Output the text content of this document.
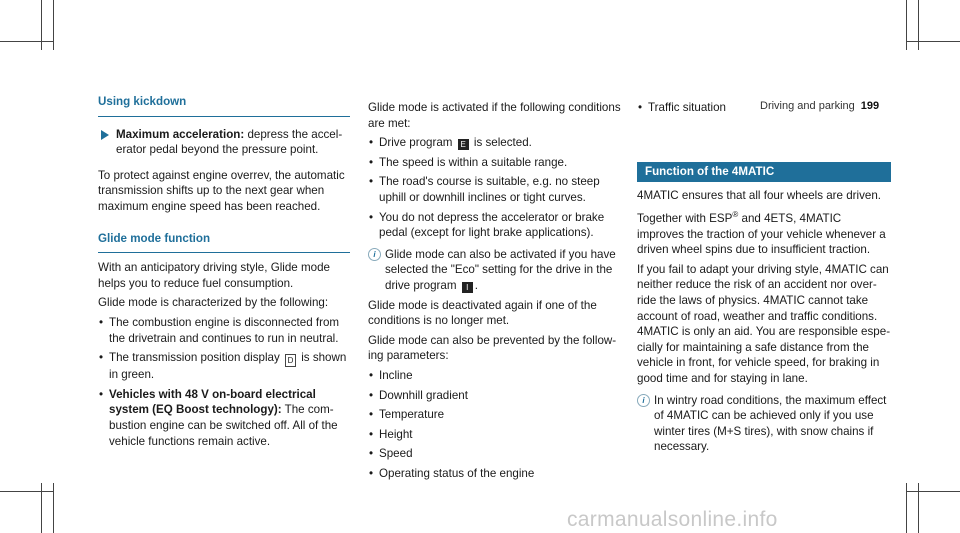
Driving and parking 199
Using kickdown
Maximum acceleration: depress the accelerator pedal beyond the pressure point.

To protect against engine overrev, the automatic transmission shifts up to the next gear when maximum engine speed has been reached.

Glide mode function

With an anticipatory driving style, Glide mode helps you to reduce fuel consumption.

Glide mode is characterized by the following:

• The combustion engine is disconnected from the drivetrain and continues to run in neutral.
• The transmission position display D is shown in green.
• Vehicles with 48 V on-board electrical system (EQ Boost technology): The combustion engine can be switched off. All of the vehicle functions remain active.

Glide mode is activated if the following conditions are met:

• Drive program E is selected.
• The speed is within a suitable range.
• The road's course is suitable, e.g. no steep uphill or downhill inclines or tight curves.
• You do not depress the accelerator or brake pedal (except for light brake applications).
i Glide mode can also be activated if you have selected the "Eco" setting for the drive in the drive program I .

Glide mode is deactivated again if one of the conditions is no longer met.

Glide mode can also be prevented by the following parameters:

• Incline
• Downhill gradient
• Temperature
• Height
• Speed
• Operating status of the engine
• Traffic situation
Function of the 4MATIC

4MATIC ensures that all four wheels are driven.

Together with ESP® and 4ETS, 4MATIC improves the traction of your vehicle whenever a driven wheel spins due to insufficient traction.

If you fail to adapt your driving style, 4MATIC can neither reduce the risk of an accident nor override the laws of physics. 4MATIC cannot take account of road, weather and traffic conditions. 4MATIC is only an aid. You are responsible especially for maintaining a safe distance from the vehicle in front, for vehicle speed, for braking in good time and for staying in lane.

i In wintry road conditions, the maximum effect of 4MATIC can be achieved only if you use winter tires (M+S tires), with snow chains if necessary.
carmanualsonline.info
